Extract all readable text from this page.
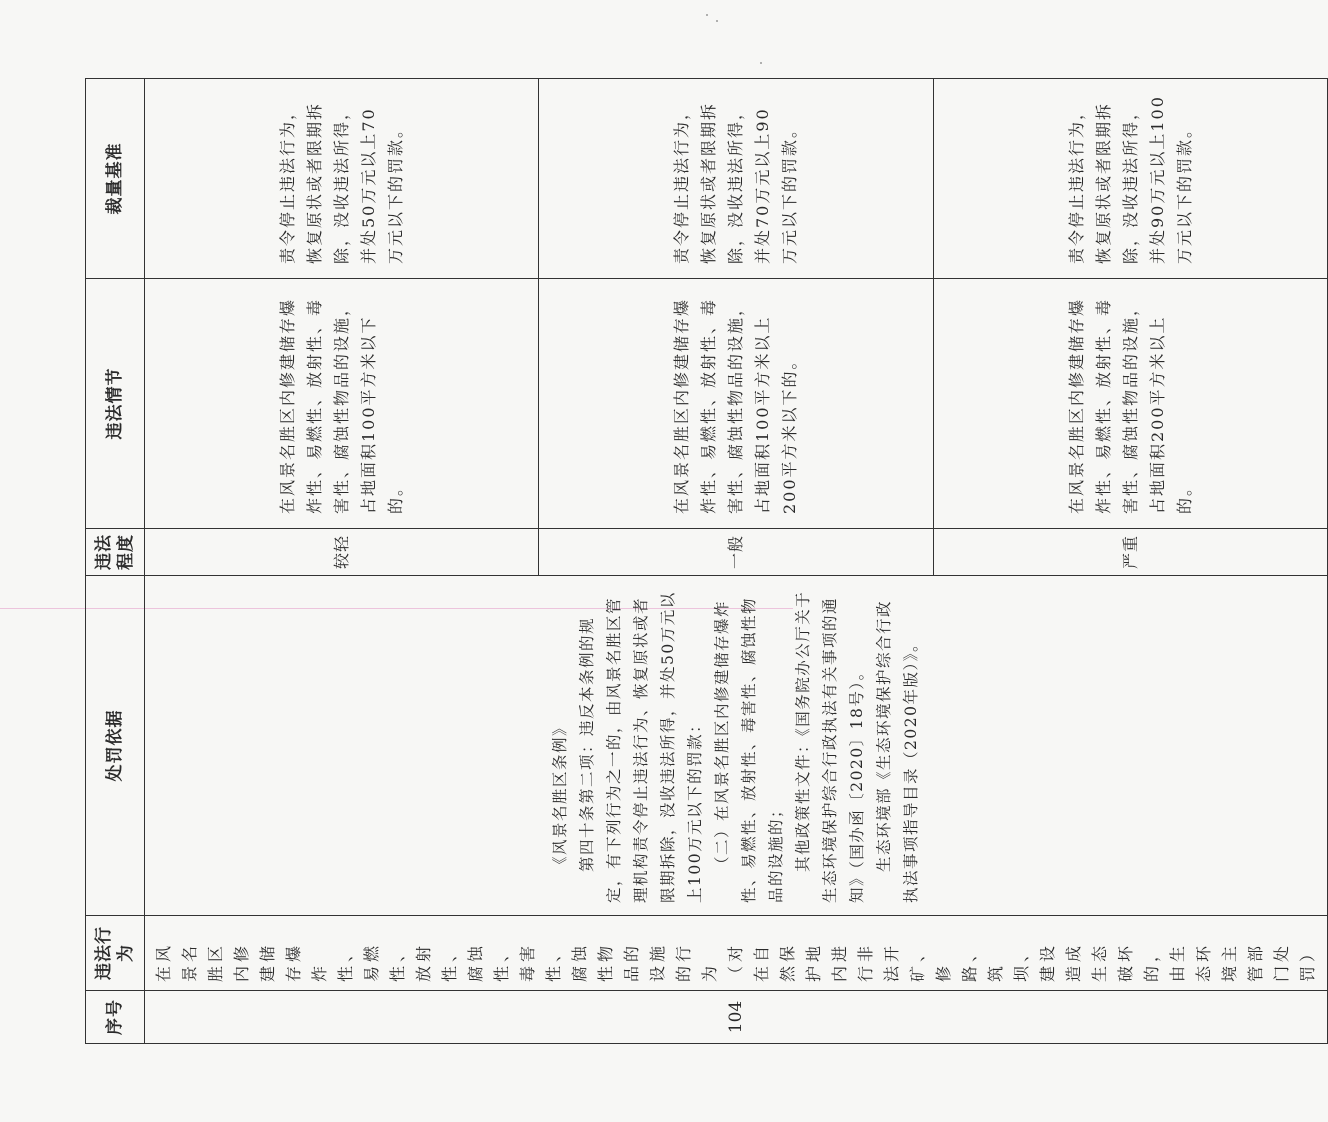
序号	违法行为	处罚依据	违法程度	违法情节	裁量基准
104	在风景名胜区内修建储存爆炸性、易燃性、放射性、腐蚀性、毒害性、腐蚀性物品的设施的行为（对在自然保护地内进行非法开矿、修路、筑坝、建设造成生态破坏的，由生态环境主管部门处罚）	《风景名胜区条例》 第四十条第二项：违反本条例的规定，有下列行为之一的，由风景名胜区管理机构责令停止违法行为、恢复原状或者限期拆除，没收违法所得，并处50万元以上100万元以下的罚款： （二）在风景名胜区内修建储存爆炸性、易燃性、放射性、毒害性、腐蚀性物品的设施的； 其他政策性文件：《国务院办公厅关于生态环境保护综合行政执法有关事项的通知》（国办函〔2020〕18号）。 生态环境部《生态环境保护综合行政执法事项指导目录（2020年版）》。	较轻	在风景名胜区内修建储存爆炸性、易燃性、放射性、毒害性、腐蚀性物品的设施，占地面积100平方米以下的。	责令停止违法行为，恢复原状或者限期拆除，没收违法所得，并处50万元以上70万元以下的罚款。
			一般	在风景名胜区内修建储存爆炸性、易燃性、放射性、毒害性、腐蚀性物品的设施，占地面积100平方米以上200平方米以下的。	责令停止违法行为，恢复原状或者限期拆除，没收违法所得，并处70万元以上90万元以下的罚款。
			严重	在风景名胜区内修建储存爆炸性、易燃性、放射性、毒害性、腐蚀性物品的设施，占地面积200平方米以上的。	责令停止违法行为，恢复原状或者限期拆除，没收违法所得，并处90万元以上100万元以下的罚款。
